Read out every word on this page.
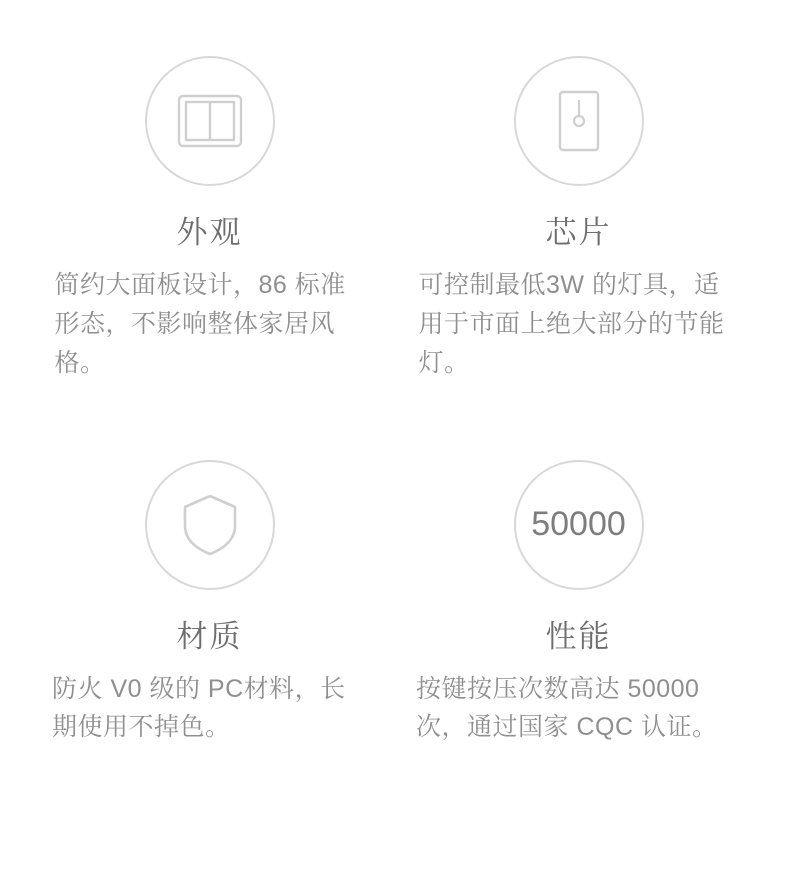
外观
简约大面板设计，86 标准形态，不影响整体家居风格。
芯片
可控制最低3W 的灯具，适用于市面上绝大部分的节能灯。
材质
防火 V0 级的 PC材料，长期使用不掉色。
50000
性能
按键按压次数高达 50000 次，通过国家 CQC 认证。
